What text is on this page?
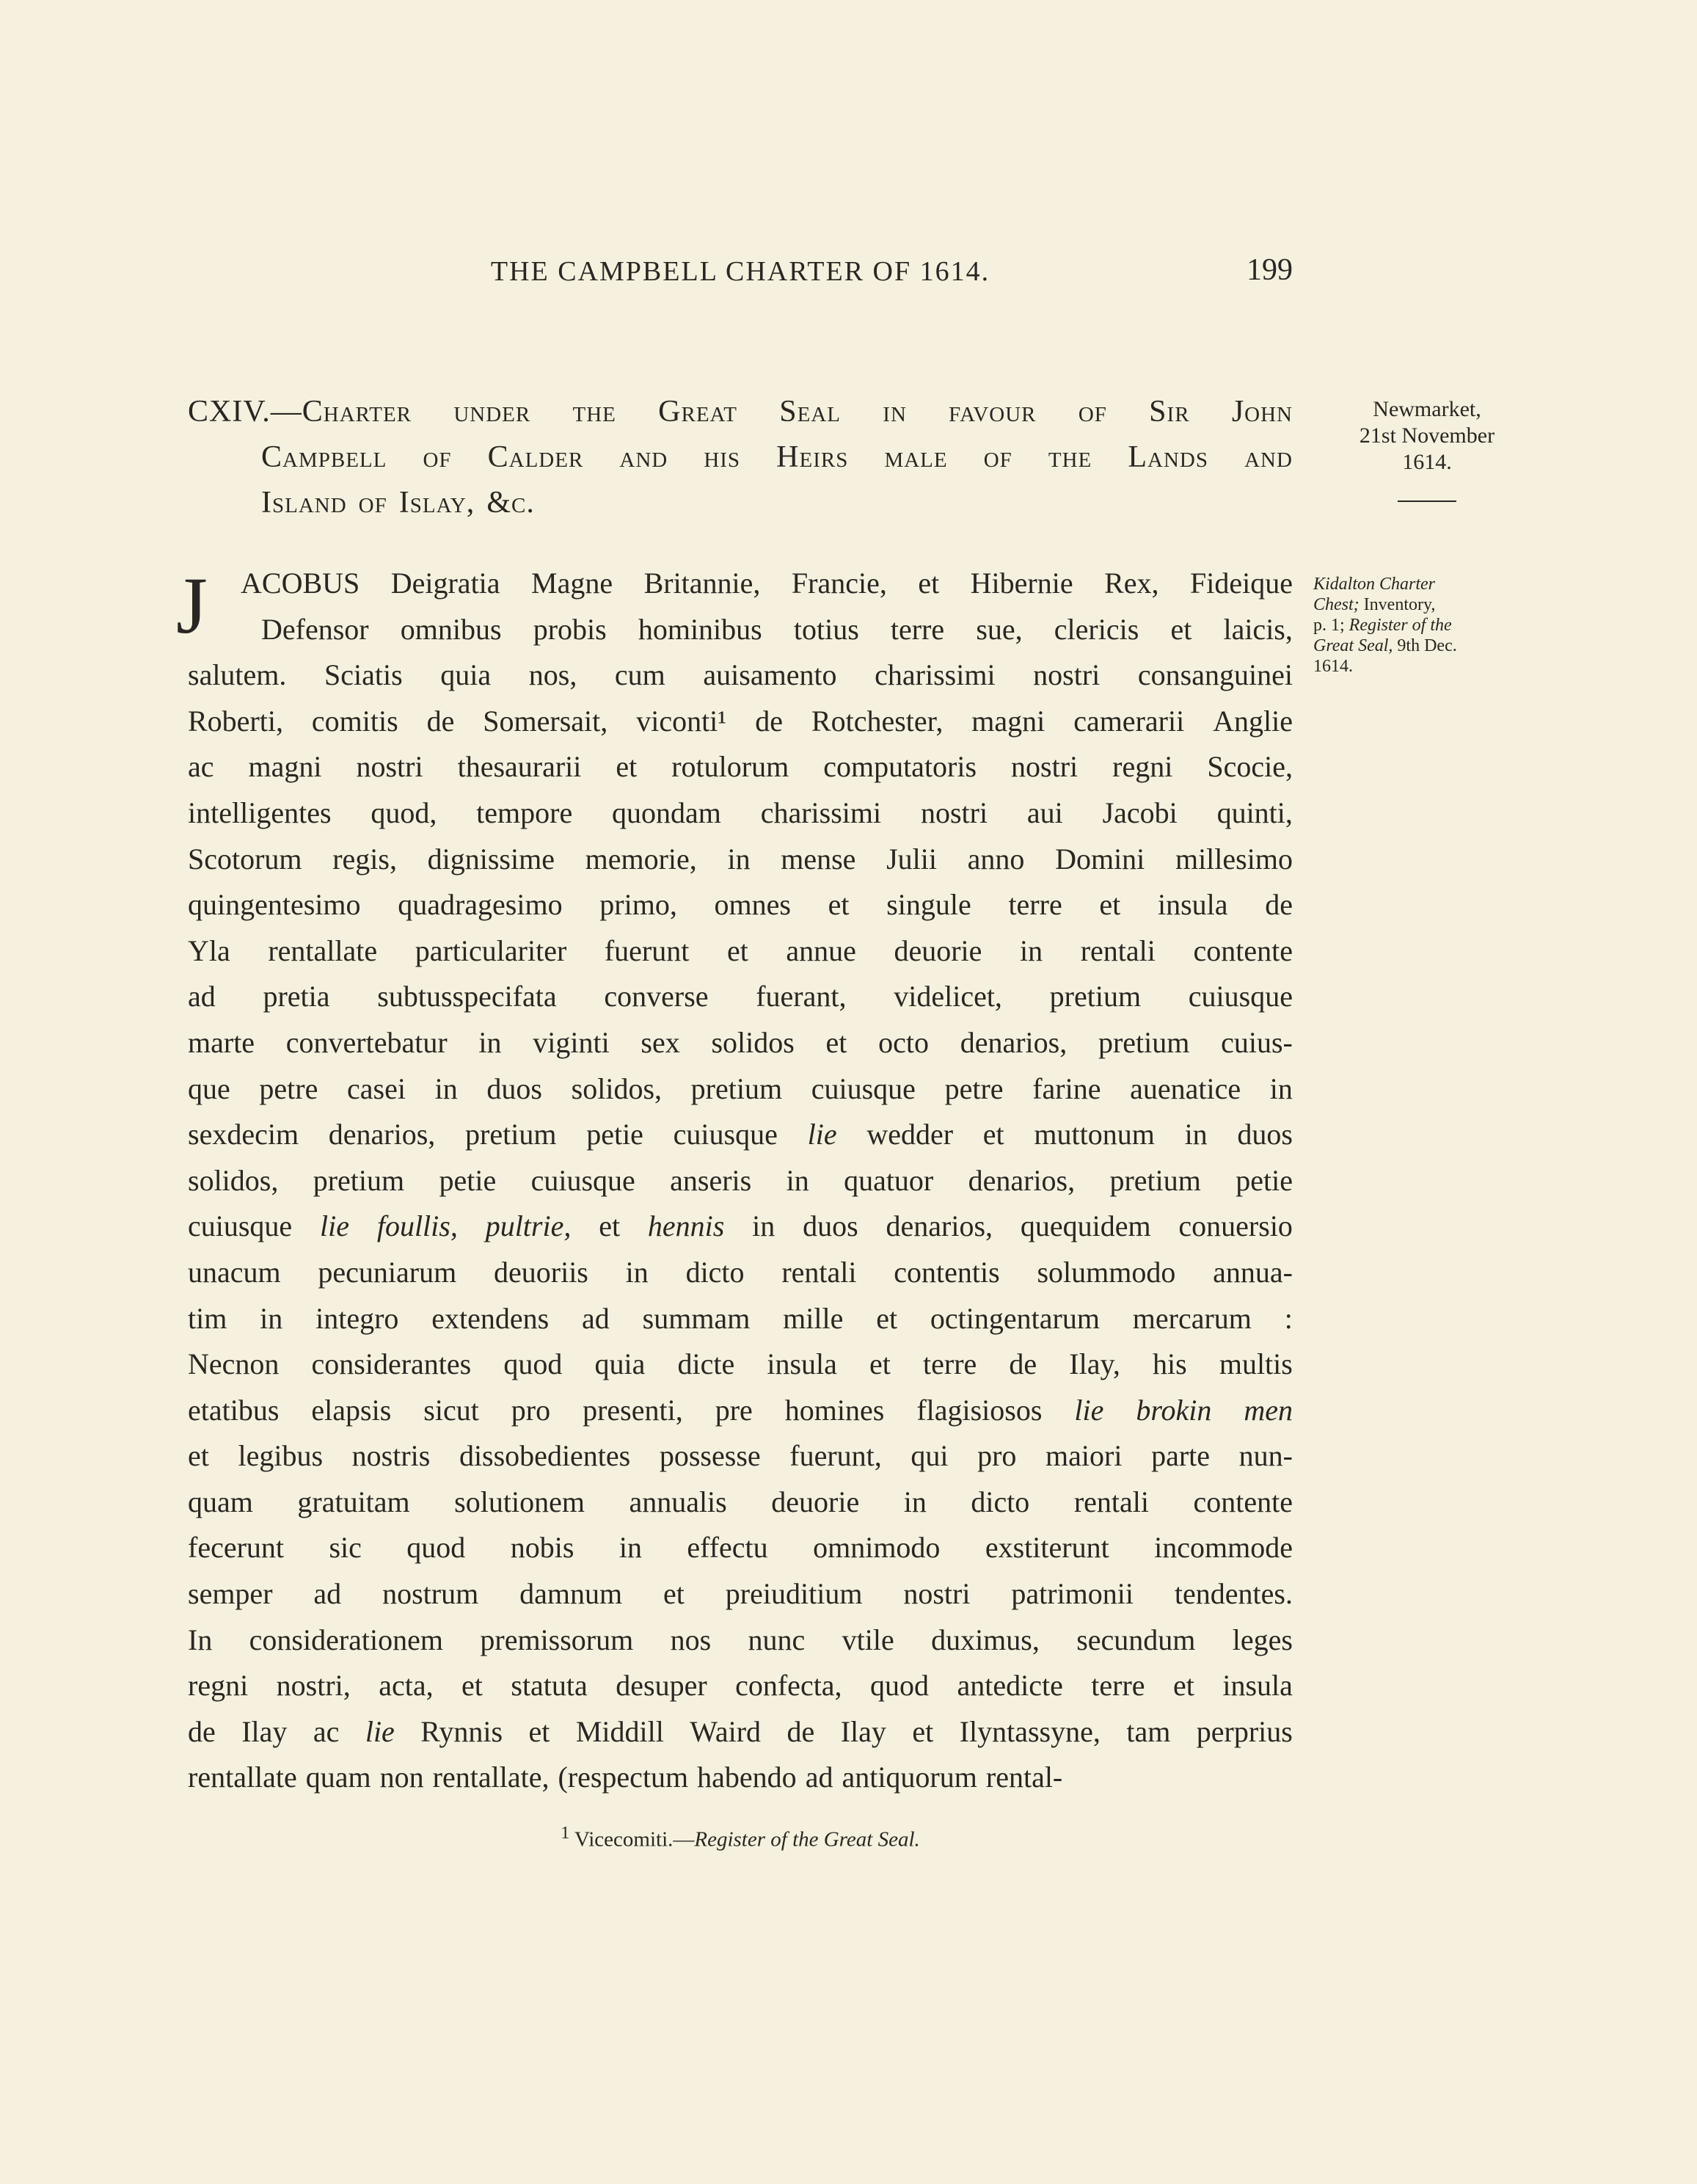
THE CAMPBELL CHARTER OF 1614.	199
CXIV.—Charter under the Great Seal in favour of Sir John
Campbell of Calder and his Heirs male of the Lands and
Island of Islay, &c.
Newmarket,
21st November
1614.
Kidalton Charter
Chest; Inventory,
p. 1; Register of the
Great Seal, 9th Dec.
1614.
J ACOBUS Deigratia Magne Britannie, Francie, et Hibernie Rex, Fideique
Defensor omnibus probis hominibus totius terre sue, clericis et laicis,
salutem. Sciatis quia nos, cum auisamento charissimi nostri consanguinei
Roberti, comitis de Somersait, viconti¹ de Rotchester, magni camerarii Anglie
ac magni nostri thesaurarii et rotulorum computatoris nostri regni Scocie,
intelligentes quod, tempore quondam charissimi nostri aui Jacobi quinti,
Scotorum regis, dignissime memorie, in mense Julii anno Domini millesimo
quingentesimo quadragesimo primo, omnes et singule terre et insula de
Yla rentallate particulariter fuerunt et annue deuorie in rentali contente
ad pretia subtusspecifata converse fuerant, videlicet, pretium cuiusque
marte convertebatur in viginti sex solidos et octo denarios, pretium cuius-
que petre casei in duos solidos, pretium cuiusque petre farine auenatice in
sexdecim denarios, pretium petie cuiusque lie wedder et muttonum in duos
solidos, pretium petie cuiusque anseris in quatuor denarios, pretium petie
cuiusque lie foullis, pultrie, et hennis in duos denarios, quequidem conuersio
unacum pecuniarum deuoriis in dicto rentali contentis solummodo annua-
tim in integro extendens ad summam mille et octingentarum mercarum :
Necnon considerantes quod quia dicte insula et terre de Ilay, his multis
etatibus elapsis sicut pro presenti, pre homines flagisiosos lie brokin men
et legibus nostris dissobedientes possesse fuerunt, qui pro maiori parte nun-
quam gratuitam solutionem annualis deuorie in dicto rentali contente
fecerunt sic quod nobis in effectu omnimodo exstiterunt incommode
semper ad nostrum damnum et preiuditium nostri patrimonii tendentes.
In considerationem premissorum nos nunc vtile duximus, secundum leges
regni nostri, acta, et statuta desuper confecta, quod antedicte terre et insula
de Ilay ac lie Rynnis et Middill Waird de Ilay et Ilyntassyne, tam perprius
rentallate quam non rentallate, (respectum habendo ad antiquorum rental-
$^1$ Vicecomiti.—Register of the Great Seal.
